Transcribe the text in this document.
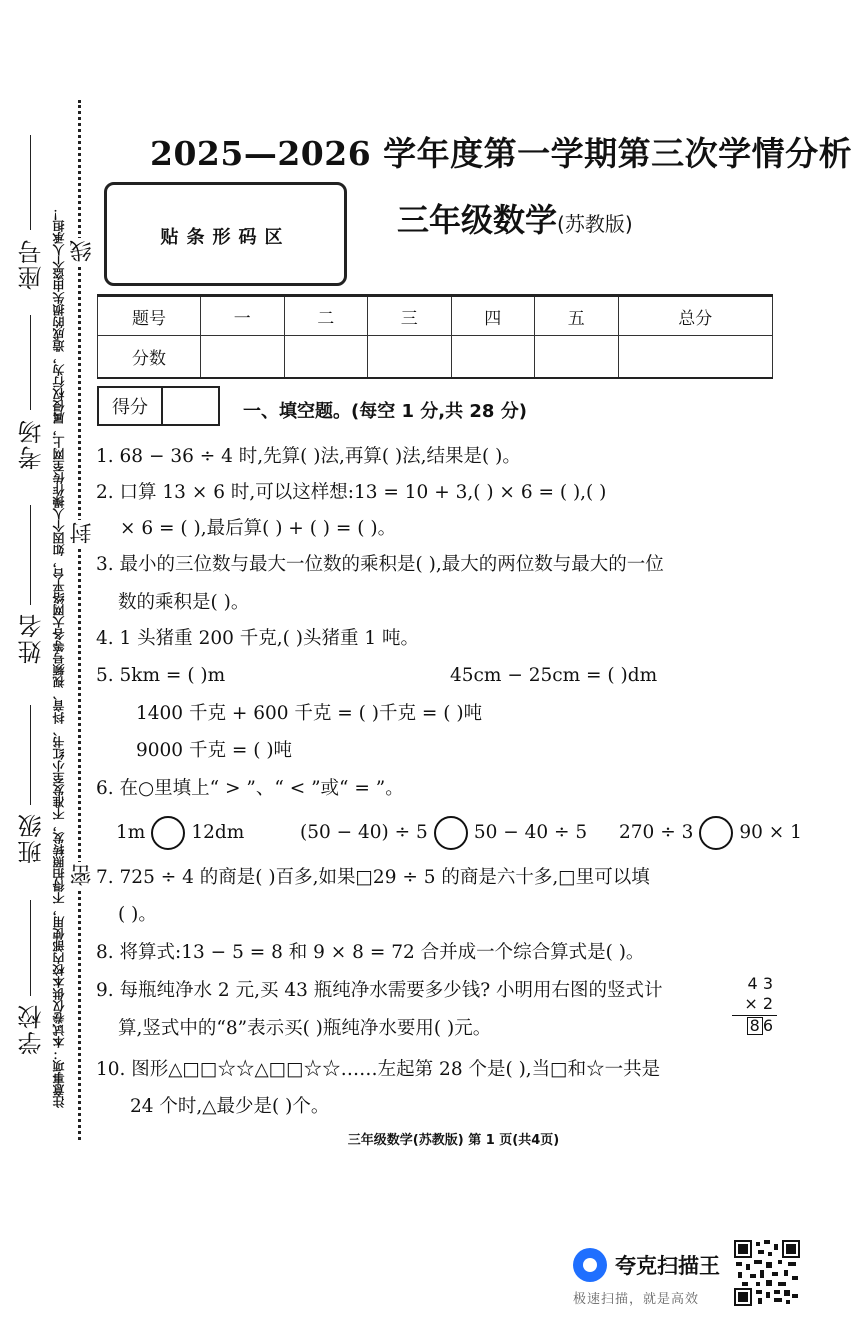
注意事项：本试卷仅供本校内部使用，不得拍照转发，不准发至小红书、抖音、视频号等各大网络平台，如因个人操作传至网上，属侵权行为，造成的损失由盗个人承担！
座号
考场
姓名
班级
学校
线
封
密
2025—2026 学年度第一学期第三次学情分析
贴条形码区	三年级数学(苏教版)
题号	一	二	三	四	五	总分
分数						
得分	一、填空题。(每空 1 分,共 28 分)
1. 68 − 36 ÷ 4 时,先算( )法,再算( )法,结果是( )。
2. 口算 13 × 6 时,可以这样想:13 = 10 + 3,( ) × 6 = ( ),( )
× 6 = ( ),最后算( ) + ( ) = ( )。
3. 最小的三位数与最大一位数的乘积是( ),最大的两位数与最大的一位
数的乘积是( )。
4. 1 头猪重 200 千克,( )头猪重 1 吨。
5. 5km = ( )m	45cm − 25cm = ( )dm
1400 千克 + 600 千克 = ( )千克 = ( )吨
9000 千克 = ( )吨
6. 在○里填上“ > ”、“ < ”或“ = ”。
1m 12dm	(50 − 40) ÷ 5 50 − 40 ÷ 5 270 ÷ 3 90 × 1
7. 725 ÷ 4 的商是( )百多,如果□29 ÷ 5 的商是六十多,□里可以填
( )。
8. 将算式:13 − 5 = 8 和 9 × 8 = 72 合并成一个综合算式是( )。
9. 每瓶纯净水 2 元,买 43 瓶纯净水需要多少钱? 小明用右图的竖式计
算,竖式中的“8”表示买( )瓶纯净水要用( )元。
4 3
× 2
8 6
10. 图形△□□☆☆△□□☆☆……左起第 28 个是( ),当□和☆一共是
24 个时,△最少是( )个。
三年级数学(苏教版) 第 1 页(共4页)
夸克扫描王
极速扫描，就是高效
